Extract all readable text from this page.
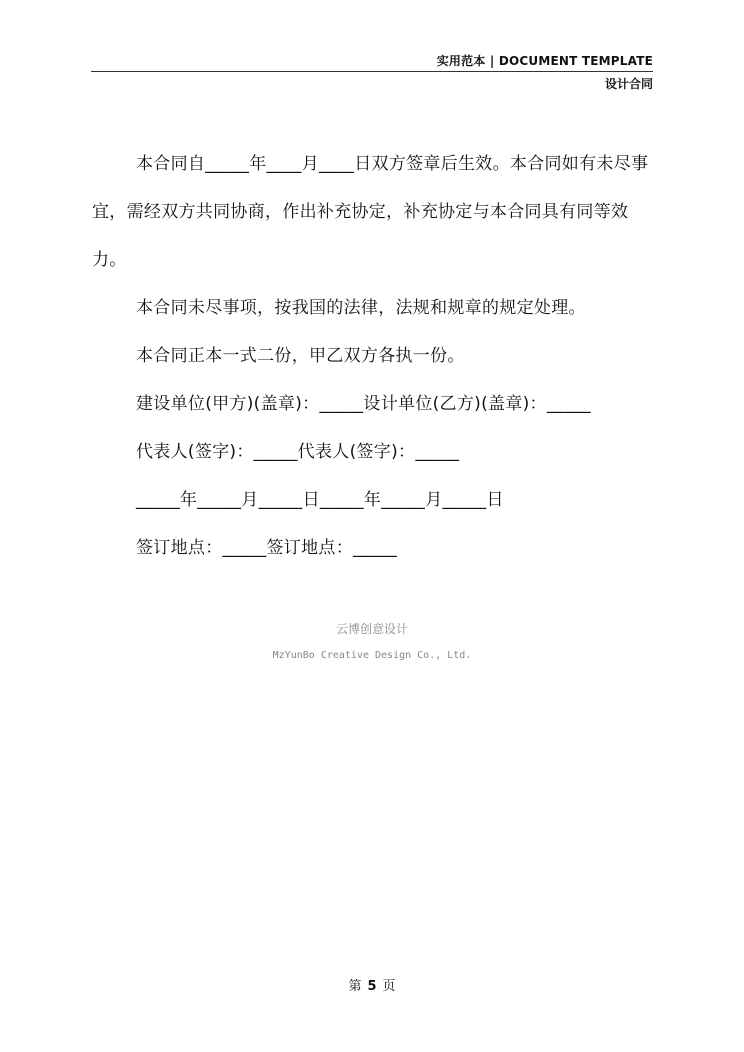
实用范本 | DOCUMENT TEMPLATE
设计合同

本合同自_____年____月____日双方签章后生效。本合同如有未尽事宜，需经双方共同协商，作出补充协定，补充协定与本合同具有同等效力。

本合同未尽事项，按我国的法律，法规和规章的规定处理。

本合同正本一式二份，甲乙双方各执一份。

建设单位(甲方)(盖章)：_____设计单位(乙方)(盖章)：_____

代表人(签字)：_____代表人(签字)：_____

_____年_____月_____日_____年_____月_____日

签订地点：_____签订地点：_____

云博创意设计
MzYunBo Creative Design Co., Ltd.
第 5 页
